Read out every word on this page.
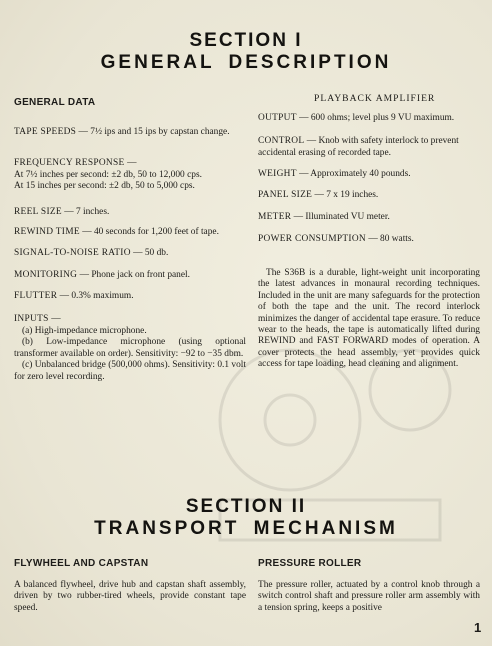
SECTION I
GENERAL DESCRIPTION
GENERAL DATA
TAPE SPEEDS — 7½ ips and 15 ips by capstan change.
FREQUENCY RESPONSE —
At 7½ inches per second: ±2 db, 50 to 12,000 cps.
At 15 inches per second: ±2 db, 50 to 5,000 cps.
REEL SIZE — 7 inches.
REWIND TIME — 40 seconds for 1,200 feet of tape.
SIGNAL-TO-NOISE RATIO — 50 db.
MONITORING — Phone jack on front panel.
FLUTTER — 0.3% maximum.
INPUTS —
(a) High-impedance microphone.
(b) Low-impedance microphone (using optional transformer available on order). Sensitivity: −92 to −35 dbm.
(c) Unbalanced bridge (500,000 ohms). Sensitivity: 0.1 volt for zero level recording.
PLAYBACK AMPLIFIER
OUTPUT — 600 ohms; level plus 9 VU maximum.
CONTROL — Knob with safety interlock to prevent accidental erasing of recorded tape.
WEIGHT — Approximately 40 pounds.
PANEL SIZE — 7 x 19 inches.
METER — Illuminated VU meter.
POWER CONSUMPTION — 80 watts.
The S36B is a durable, light-weight unit incorporating the latest advances in monaural recording techniques. Included in the unit are many safeguards for the protection of both the tape and the unit. The record interlock minimizes the danger of accidental tape erasure. To reduce wear to the heads, the tape is automatically lifted during REWIND and FAST FORWARD modes of operation. A cover protects the head assembly, yet provides quick access for tape loading, head cleaning and alignment.
SECTION II
TRANSPORT MECHANISM
FLYWHEEL AND CAPSTAN
A balanced flywheel, drive hub and capstan shaft assembly, driven by two rubber-tired wheels, provide constant tape speed.
PRESSURE ROLLER
The pressure roller, actuated by a control knob through a switch control shaft and pressure roller arm assembly with a tension spring, keeps a positive
1
